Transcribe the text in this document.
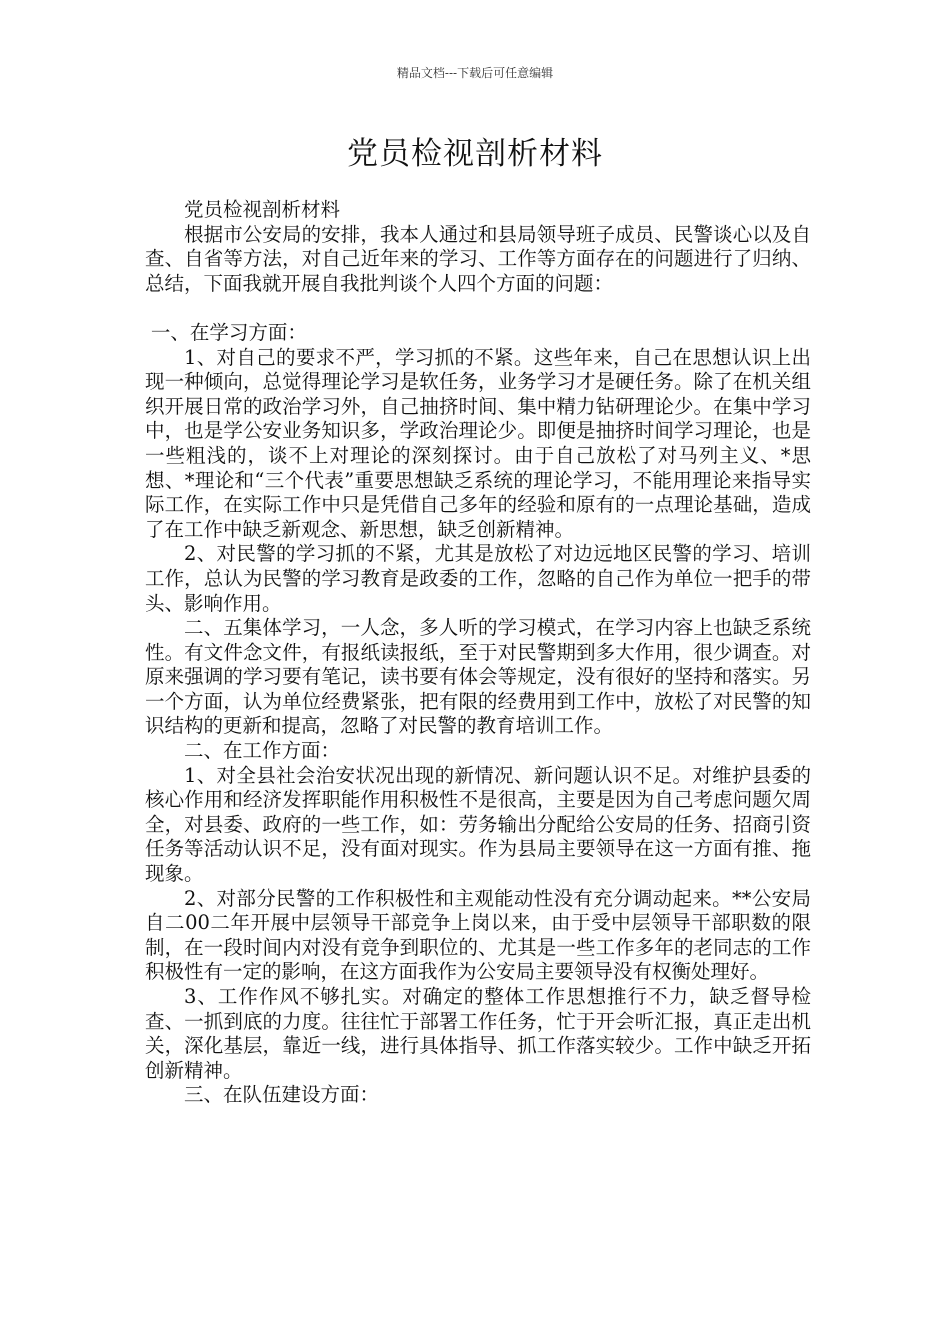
精品文档---下载后可任意编辑
党员检视剖析材料

党员检视剖析材料

根据市公安局的安排，我本人通过和县局领导班子成员、民警谈心以及自查、自省等方法，对自己近年来的学习、工作等方面存在的问题进行了归纳、总结，下面我就开展自我批判谈个人四个方面的问题：

一、在学习方面：

1、对自己的要求不严，学习抓的不紧。这些年来，自己在思想认识上出现一种倾向，总觉得理论学习是软任务，业务学习才是硬任务。除了在机关组织开展日常的政治学习外，自己抽挤时间、集中精力钻研理论少。在集中学习中，也是学公安业务知识多，学政治理论少。即便是抽挤时间学习理论，也是一些粗浅的，谈不上对理论的深刻探讨。由于自己放松了对马列主义、*思想、*理论和“三个代表”重要思想缺乏系统的理论学习，不能用理论来指导实际工作，在实际工作中只是凭借自己多年的经验和原有的一点理论基础，造成了在工作中缺乏新观念、新思想，缺乏创新精神。

2、对民警的学习抓的不紧，尤其是放松了对边远地区民警的学习、培训工作，总认为民警的学习教育是政委的工作，忽略的自己作为单位一把手的带头、影响作用。

二、五集体学习，一人念，多人听的学习模式，在学习内容上也缺乏系统性。有文件念文件，有报纸读报纸，至于对民警期到多大作用，很少调查。对原来强调的学习要有笔记，读书要有体会等规定，没有很好的坚持和落实。另一个方面，认为单位经费紧张，把有限的经费用到工作中，放松了对民警的知识结构的更新和提高，忽略了对民警的教育培训工作。

二、在工作方面：

1、对全县社会治安状况出现的新情况、新问题认识不足。对维护县委的核心作用和经济发挥职能作用积极性不是很高，主要是因为自己考虑问题欠周全，对县委、政府的一些工作，如：劳务输出分配给公安局的任务、招商引资任务等活动认识不足，没有面对现实。作为县局主要领导在这一方面有推、拖现象。

2、对部分民警的工作积极性和主观能动性没有充分调动起来。**公安局自二00二年开展中层领导干部竞争上岗以来，由于受中层领导干部职数的限制，在一段时间内对没有竞争到职位的、尤其是一些工作多年的老同志的工作积极性有一定的影响，在这方面我作为公安局主要领导没有权衡处理好。

3、工作作风不够扎实。对确定的整体工作思想推行不力，缺乏督导检查、一抓到底的力度。往往忙于部署工作任务，忙于开会听汇报，真正走出机关，深化基层，靠近一线，进行具体指导、抓工作落实较少。工作中缺乏开拓创新精神。

三、在队伍建设方面：
